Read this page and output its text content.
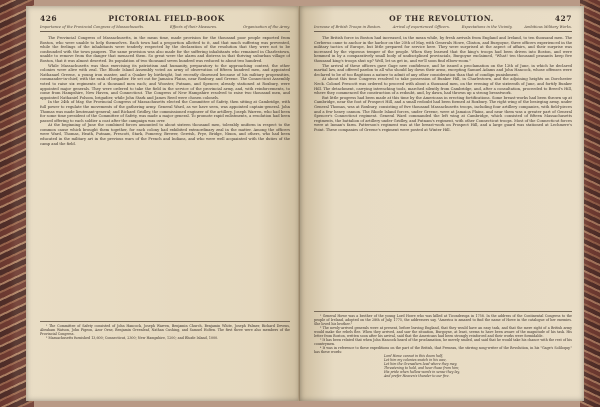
426	PICTORIAL FIELD-BOOK
Importance of the Provincial Congress of Massachusetts.	Effects of their Measures.	Organization of the Army.

The Provincial Congress of Massachusetts, in the mean time, made provision for the thousand poor people exported from Boston, who were unable to help themselves. Each town had a proportion allotted to it, and that much suffering was prevented, while the feelings of the inhabitants were tenderly respected by the declaration of the resolution that they were not to be confounded with the town paupers. The same provision was also made for the suffering inhabitants who remained in Charlestown, unable to remove from the danger that menaced them. So great were the alarm and distress in that thriving suburban village of Boston, that it was almost deserted. Its population of two thousand seven hundred was reduced to about two hundred.

While Massachusetts was thus exercising its patriotism and humanity, preparatory to the approaching contest, the other colonies were alive with zeal. The Rhode Island Assembly voted an army of observation of fifteen hundred men, and appointed Nathanael Greene, a young iron master, and a Quaker by birthright, but recently disowned because of his military propensities, commander-in-chief, with the rank of brigadier. He set out for Jamaica Plains, near Roxbury, and Greene. The Connecticut Assembly voted to raise six regiments of a thousand men each; and Wooster, Putnam, and Spencer, already stationed at Roxbury, were appointed major generals. They were ordered to take the field in the service of the provincial army, and, with reinforcements, to come from Hampshire, New Haven, and Connecticut. The Congress of New Hampshire resolved to raise two thousand men, and appointed Nathaniel Folsom, brigadier, while John Stark and James Reed were chosen colonels.

In the 24th of May, the Provincial Congress of Massachusetts elected the Committee of Safety, then sitting at Cambridge, with full power to regulate the movements of the gathering army. General Ward, as we have seen, was appointed captain-general. John Thomas was made lieutenant-general; and Richard Gridley, the commissioned engineer of the artillery. Joseph Warren, who had been for some time president of the Committee of Safety, was made a major general. To promote rapid enlistments, a resolution had been passed offering to each soldier a coat after the campaign was over.

At the beginning of June the combined forces amounted to about sixteen thousand men, tolerably uniform in respect to the common cause which brought them together, for each colony had exhibited extraordinary zeal in the matter. Among the officers were Ward, Thomas, Heath, Putnam, Prescott, Stark, Pomeroy, Brewer, Gerrish, Frye, Bridge, Nixon, and others, who had been educated in the military art in the previous wars of the French and Indians, and who were well acquainted with the duties of the camp and the field.

¹ The Committee of Safety consisted of John Hancock, Joseph Warren, Benjamin Church, Benjamin White, Joseph Palmer, Richard Devens, Abraham Watson, John Pigeon, Azor Orne, Benjamin Greenleaf, Nathan Cushing, and Samuel Holten. The first three were also members of the Provincial Congress.

² Massachusetts furnished 13,600; Connecticut, 2300; New Hampshire, 1200; and Rhode Island, 1000.

OF THE REVOLUTION.	427
Increase of British Troops in Boston.	Arrival of experienced Officers.	Expectations in the Vicinity.	Ambitious Military Works.

The British force in Boston had increased, in the mean while, by fresh arrivals from England and Ireland, to ten thousand men. The Cerberus came to anchor in the harbor on the 25th of May, with Generals Howe, Clinton, and Burgoyne, three officers experienced in the military tactics of Europe, but little prepared for service here. They were surprised at the aspect of affairs, and their surprise was increased by the vigorous temper of the people. When they learned that the king's troops had been driven into Boston, and were hemmed in by a comparatively small body of undisciplined provincials, Burgoyne exclaimed, "What! ten thousand peasants keep five thousand king's troops shut up? Well, let us get in, and we'll soon find elbow-room."

The arrival of these officers gave Gage new confidence, and he issued a proclamation on the 12th of June, in which he declared martial law, and offered pardon to all who should lay down their arms, excepting Samuel Adams and John Hancock, whose offenses were declared to be of too flagitious a nature to admit of any other consideration than that of condign punishment.

At about this time Congress resolved to take possession of Bunker Hill, in Charlestown, and the adjoining heights on Dorchester Neck. Colonel Prescott was ordered to proceed with about a thousand men, on the evening of the sixteenth of June, and fortify Bunker Hill. The detachment, carrying intrenching tools, marched silently from Cambridge, and, after a consultation, proceeded to Breed's Hill, where they commenced the construction of a redoubt, and, by dawn, had thrown up a strong breastwork.

But little progress had been made at this time by the Americans in erecting fortifications. Some breast-works had been thrown up at Cambridge, near the foot of Prospect Hill, and a small redoubt had been formed at Roxbury. The right wing of the besieging army, under General Thomas, was at Roxbury, consisting of five thousand Massachusetts troops, including four artillery companies, with field-pieces and a few heavy cannon. The Rhode Island forces, under Greene, were at Jamaica Plains, and near them was a greater part of General Spencer's Connecticut regiment. General Ward commanded the left wing at Cambridge, which consisted of fifteen Massachusetts regiments, the battalion of artillery under Gridley, and Putnam's regiment, with other Connecticut troops. Most of the Connecticut forces were at Inman's farm. Patterson's regiment was at the breast-work on Prospect Hill, and a large guard was stationed at Lechmere's Point. These companies of Greene's regiment were posted at Winter Hill.

¹ General Howe was a brother of the young Lord Howe who was killed at Ticonderoga in 1758. In the address of the Continental Congress to the people of Ireland, adopted on the 28th of July, 1775, the addressers say, "America is amazed to find the name of Howe in the catalogue of her enemies. She loved his brother."

² The newly-arrived generals were at present, before leaving England, that they would have an easy task, and that the mere sight of a British army would make the rebels flee. When they arrived, and saw the situation, Burgoyne, at least, seems to have been aware of the magnitude of his task. His letter from Boston, written soon after his arrival, said that the Americans had been strongly reinforced and their works were formidable.

³ It has been related that when John Hancock heard of the proclamation, he merely smiled, and said that he would take his chance with the rest of his countrymen.

⁴ It was in reference to these expeditions on the part of the British, that Freneau, the stirring song-writer of the Revolution, in his "Gage's Soliloquy," has these words:

Lord Howe cannot in this doom half,
Let him my colonies snatch in his awe,
Let him the Grenadiers lead where they may,
Threatening to hold, and hear those from him;
His pride when hollow words in sense they lay,
And prefer Heaven's thunder to our fire.
